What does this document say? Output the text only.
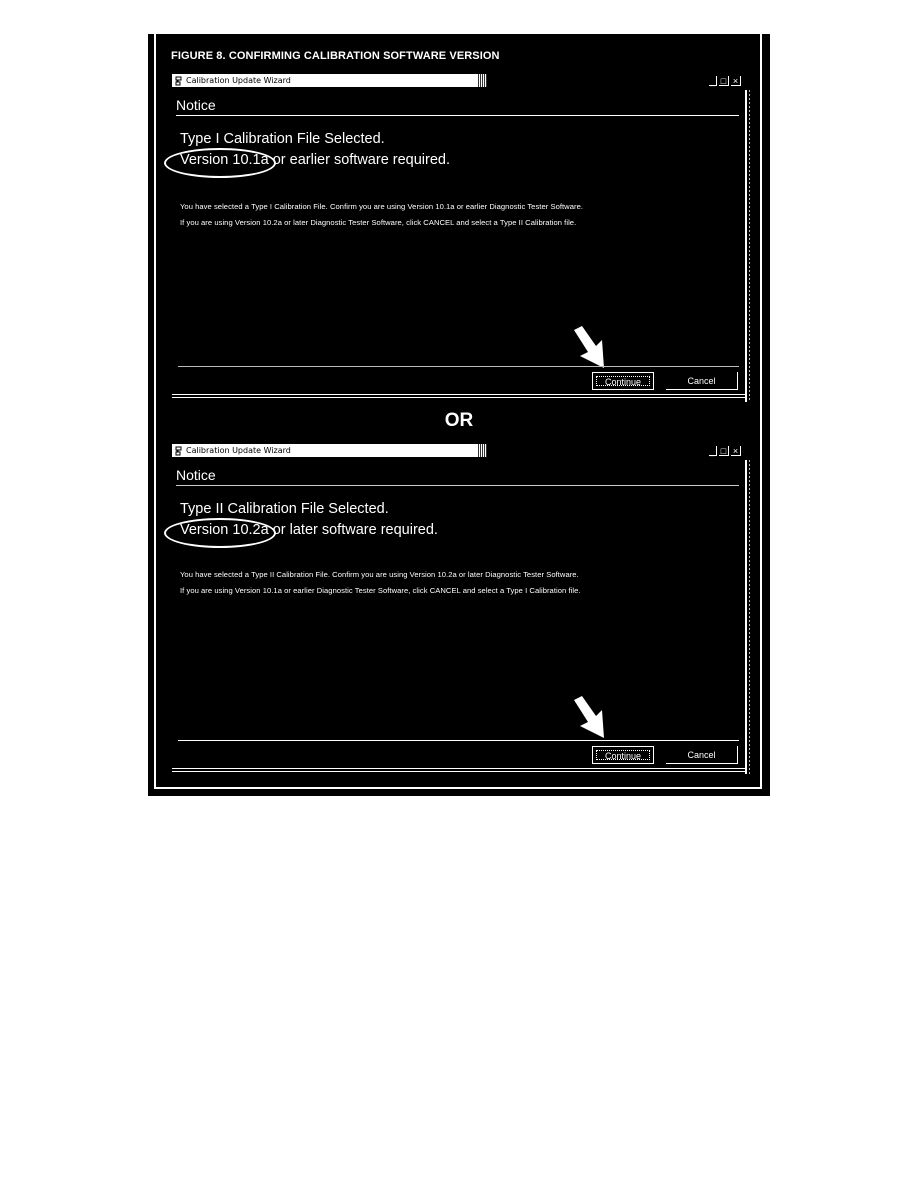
FIGURE 8. CONFIRMING CALIBRATION SOFTWARE VERSION
Calibration Update Wizard	_ □ ×
Notice
Type I Calibration File Selected.
Version 10.1a or earlier software required.
You have selected a Type I Calibration File. Confirm you are using Version 10.1a or earlier Diagnostic Tester Software.
If you are using Version 10.2a or later Diagnostic Tester Software, click CANCEL and select a Type II Calibration file.
Continue	Cancel
OR
Calibration Update Wizard	_ □ ×
Notice
Type II Calibration File Selected.
Version 10.2a or later software required.
You have selected a Type II Calibration File. Confirm you are using Version 10.2a or later Diagnostic Tester Software.
If you are using Version 10.1a or earlier Diagnostic Tester Software, click CANCEL and select a Type I Calibration file.
Continue	Cancel
